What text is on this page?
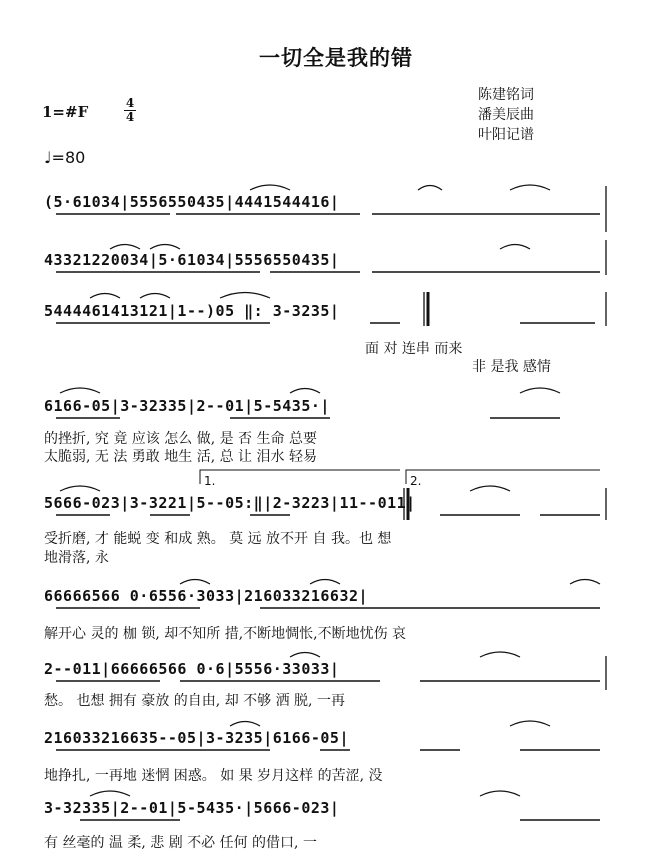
一切全是我的错
陈建铭词
潘美辰曲
叶阳记谱
1=#F	4
4
♩=80
(5·61034|5556550435|4441544416|
43321220034|5·61034|5556550435|
5444461413121|1--)05 ‖: 3-3235|
面 对 连串 而来
非 是我 感情
6166-05|3-32335|2--01|5-5435·|
的挫折, 究 竟 应该 怎么 做, 是 否 生命 总要
太脆弱, 无 法 勇敢 地生 活, 总 让 泪水 轻易
5666-023|3-3221|5--05:‖|2-3223|11--011|
受折磨, 才 能蜕 变 和成 熟。 莫 远 放不开 自 我。也 想
地滑落, 永
66666566 0·6556·3033|216033216632|
解开心 灵的 枷 锁, 却不知所 措,不断地惆怅,不断地忧伤 哀
2--011|66666566 0·6|5556·33033|
愁。 也想 拥有 豪放 的自由, 却 不够 洒 脱, 一再
216033216635--05|3-3235|6166-05|
地挣扎, 一再地 迷惘 困惑。 如 果 岁月这样 的苦涩, 没
3-32335|2--01|5-5435·|5666-023|
有 丝毫的 温 柔, 悲 剧 不必 任何 的借口, 一
1.	2.
